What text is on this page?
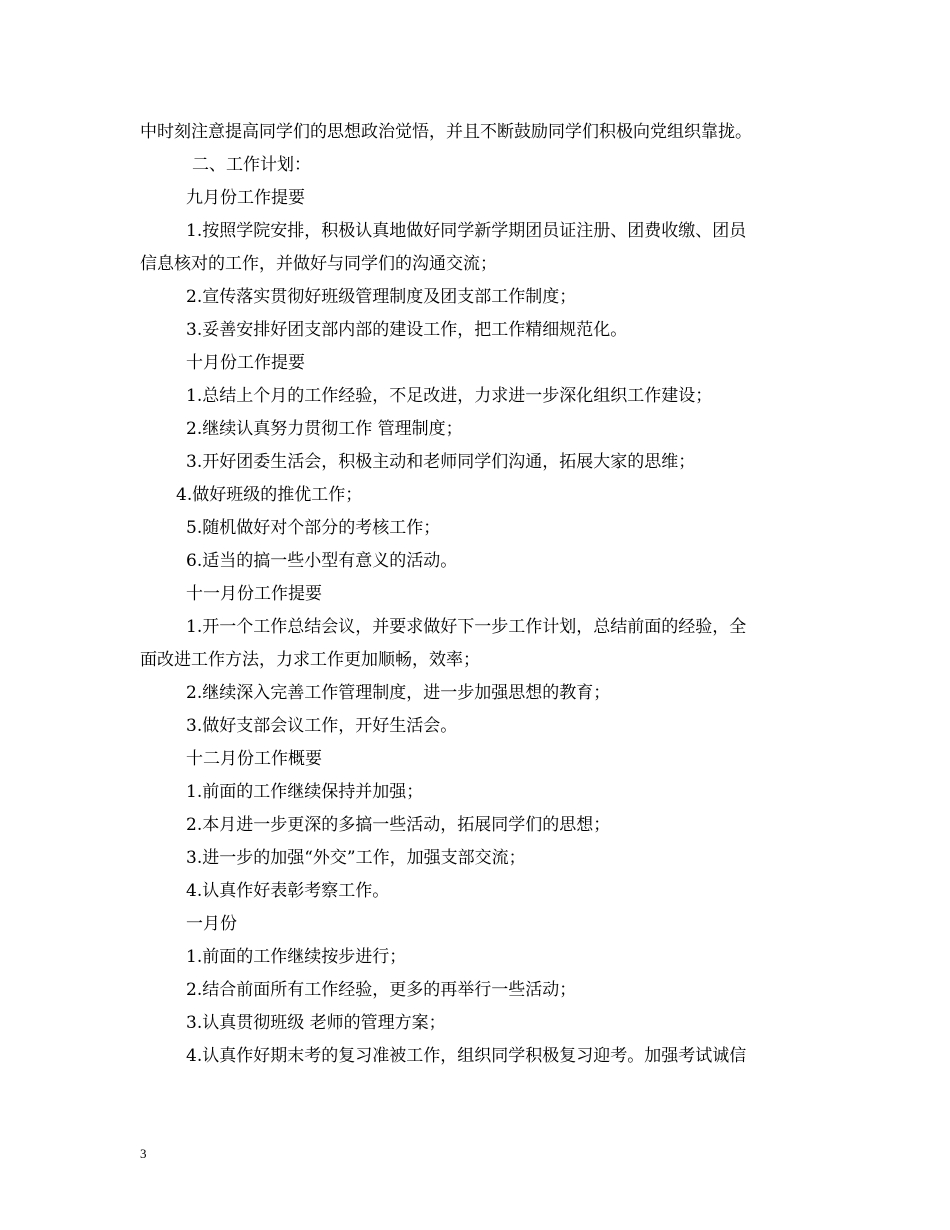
中时刻注意提高同学们的思想政治觉悟，并且不断鼓励同学们积极向党组织靠拢。
二、工作计划：
九月份工作提要
1.按照学院安排，积极认真地做好同学新学期团员证注册、团费收缴、团员
信息核对的工作，并做好与同学们的沟通交流；
2.宣传落实贯彻好班级管理制度及团支部工作制度；
3.妥善安排好团支部内部的建设工作，把工作精细规范化。
十月份工作提要
1.总结上个月的工作经验，不足改进，力求进一步深化组织工作建设；
2.继续认真努力贯彻工作 管理制度；
3.开好团委生活会，积极主动和老师同学们沟通，拓展大家的思维；
4.做好班级的推优工作；
5.随机做好对个部分的考核工作；
6.适当的搞一些小型有意义的活动。
十一月份工作提要
1.开一个工作总结会议，并要求做好下一步工作计划，总结前面的经验，全
面改进工作方法，力求工作更加顺畅，效率；
2.继续深入完善工作管理制度，进一步加强思想的教育；
3.做好支部会议工作，开好生活会。
十二月份工作概要
1.前面的工作继续保持并加强；
2.本月进一步更深的多搞一些活动，拓展同学们的思想；
3.进一步的加强“外交”工作，加强支部交流；
4.认真作好表彰考察工作。
一月份
1.前面的工作继续按步进行；
2.结合前面所有工作经验，更多的再举行一些活动；
3.认真贯彻班级 老师的管理方案；
4.认真作好期末考的复习准被工作，组织同学积极复习迎考。加强考试诚信
3
